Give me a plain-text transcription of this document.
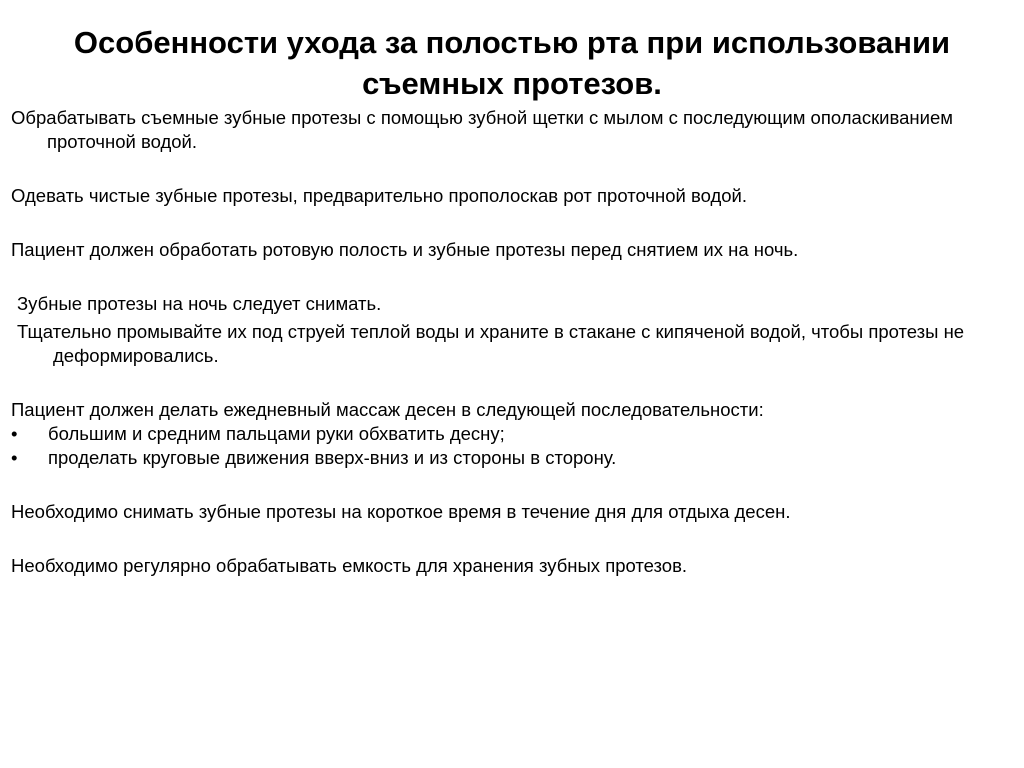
Особенности ухода за полостью рта при использовании съемных протезов.

Обрабатывать съемные зубные протезы с помощью зубной щетки с мылом с последующим ополаскиванием проточной водой.

Одевать чистые зубные протезы, предварительно прополоскав рот проточной водой.

Пациент должен обработать ротовую полость и зубные протезы перед снятием их на ночь.

Зубные протезы на ночь следует снимать.

Тщательно промывайте их под струей теплой воды и храните в стакане с кипяченой водой, чтобы протезы не деформировались.

Пациент должен делать ежедневный массаж десен в следующей последовательности:

•	большим и средним пальцами руки обхватить десну;
•	проделать круговые движения вверх-вниз и из стороны в сторону.

Необходимо снимать зубные протезы на короткое время в течение дня для отдыха десен.

Необходимо регулярно обрабатывать емкость для хранения зубных протезов.
